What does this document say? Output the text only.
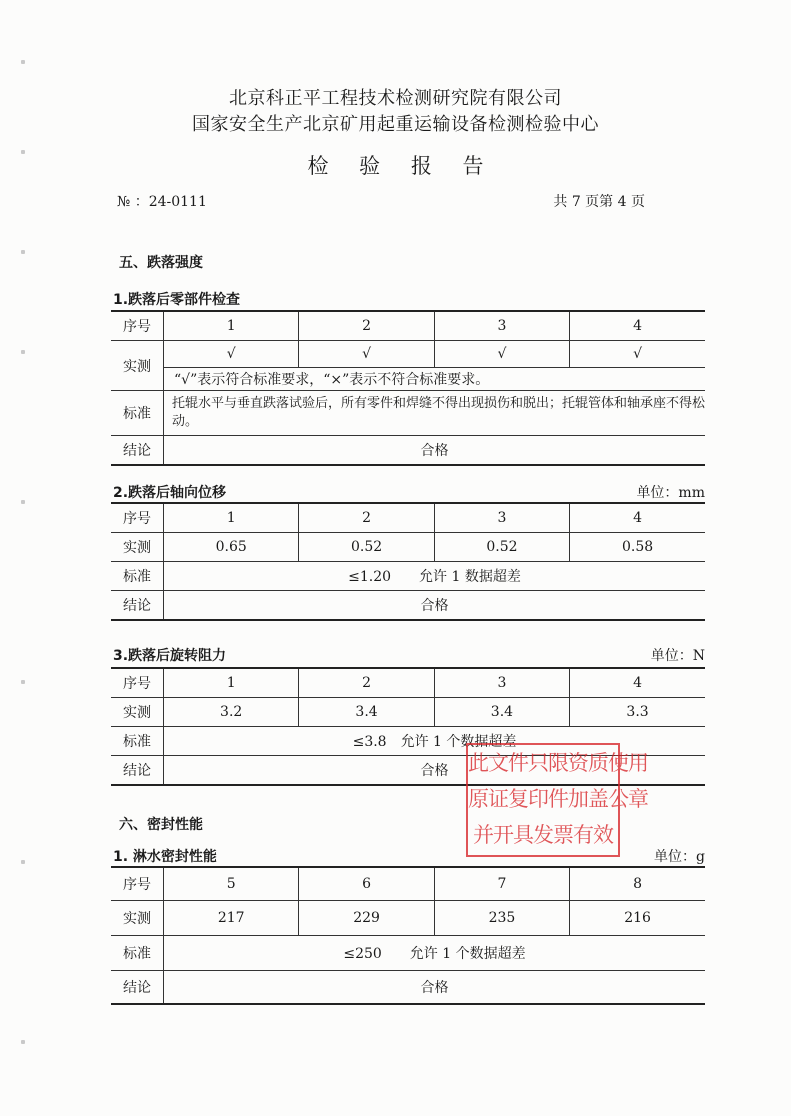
北京科正平工程技术检测研究院有限公司
国家安全生产北京矿用起重运输设备检测检验中心
检 验 报 告
№ ：24-0111	共 7 页第 4 页
五、跌落强度
1.跌落后零部件检查
序号	1	2	3	4
实测	√	√	√	√
	“√”表示符合标准要求，“×”表示不符合标准要求。			
标准	托辊水平与垂直跌落试验后，所有零件和焊缝不得出现损伤和脱出；托辊管体和轴承座不得松动。			
结论	合格			
2.跌落后轴向位移	单位：mm
序号	1	2	3	4
实测	0.65	0.52	0.52	0.58
标准	≤1.20　　允许 1 数据超差			
结论	合格			
3.跌落后旋转阻力	单位：N
序号	1	2	3	4
实测	3.2	3.4	3.4	3.3
标准	≤3.8　允许 1 个数据超差			
结论	合格			
六、密封性能
1. 淋水密封性能	单位：g
序号	5	6	7	8
实测	217	229	235	216
标准	≤250　　允许 1 个数据超差			
结论	合格			
此文件只限资质使用
原证复印件加盖公章
并开具发票有效
